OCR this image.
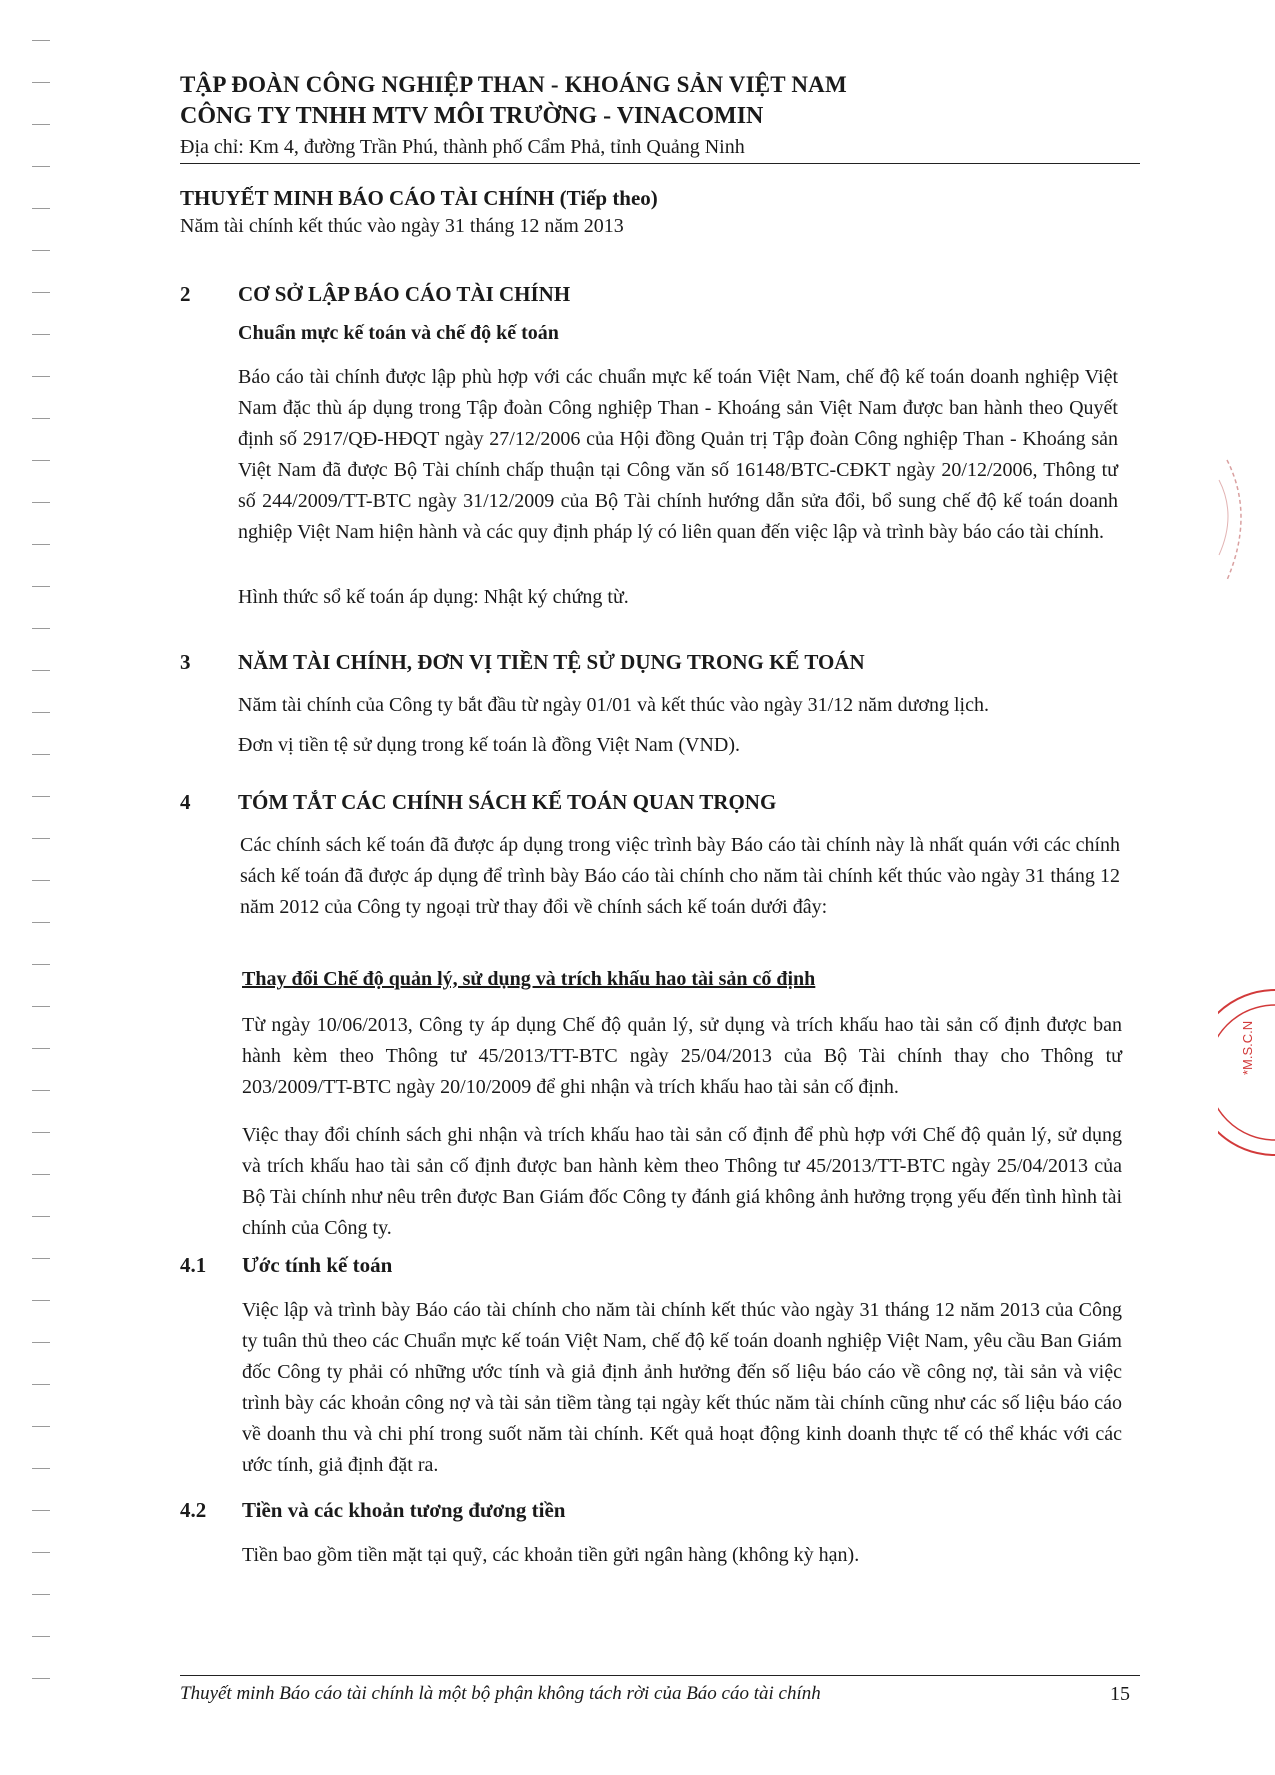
TẬP ĐOÀN CÔNG NGHIỆP THAN - KHOÁNG SẢN VIỆT NAM
CÔNG TY TNHH MTV MÔI TRƯỜNG - VINACOMIN
Địa chỉ: Km 4, đường Trần Phú, thành phố Cẩm Phả, tỉnh Quảng Ninh
THUYẾT MINH BÁO CÁO TÀI CHÍNH (Tiếp theo)
Năm tài chính kết thúc vào ngày 31 tháng 12 năm 2013
2 CƠ SỞ LẬP BÁO CÁO TÀI CHÍNH
Chuẩn mực kế toán và chế độ kế toán

Báo cáo tài chính được lập phù hợp với các chuẩn mực kế toán Việt Nam, chế độ kế toán doanh nghiệp Việt Nam đặc thù áp dụng trong Tập đoàn Công nghiệp Than - Khoáng sản Việt Nam được ban hành theo Quyết định số 2917/QĐ-HĐQT ngày 27/12/2006 của Hội đồng Quản trị Tập đoàn Công nghiệp Than - Khoáng sản Việt Nam đã được Bộ Tài chính chấp thuận tại Công văn số 16148/BTC-CĐKT ngày 20/12/2006, Thông tư số 244/2009/TT-BTC ngày 31/12/2009 của Bộ Tài chính hướng dẫn sửa đổi, bổ sung chế độ kế toán doanh nghiệp Việt Nam hiện hành và các quy định pháp lý có liên quan đến việc lập và trình bày báo cáo tài chính.

Hình thức sổ kế toán áp dụng: Nhật ký chứng từ.

3 NĂM TÀI CHÍNH, ĐƠN VỊ TIỀN TỆ SỬ DỤNG TRONG KẾ TOÁN

Năm tài chính của Công ty bắt đầu từ ngày 01/01 và kết thúc vào ngày 31/12 năm dương lịch.

Đơn vị tiền tệ sử dụng trong kế toán là đồng Việt Nam (VND).

4 TÓM TẮT CÁC CHÍNH SÁCH KẾ TOÁN QUAN TRỌNG

Các chính sách kế toán đã được áp dụng trong việc trình bày Báo cáo tài chính này là nhất quán với các chính sách kế toán đã được áp dụng để trình bày Báo cáo tài chính cho năm tài chính kết thúc vào ngày 31 tháng 12 năm 2012 của Công ty ngoại trừ thay đổi về chính sách kế toán dưới đây:

Thay đổi Chế độ quản lý, sử dụng và trích khấu hao tài sản cố định

Từ ngày 10/06/2013, Công ty áp dụng Chế độ quản lý, sử dụng và trích khấu hao tài sản cố định được ban hành kèm theo Thông tư 45/2013/TT-BTC ngày 25/04/2013 của Bộ Tài chính thay cho Thông tư 203/2009/TT-BTC ngày 20/10/2009 để ghi nhận và trích khấu hao tài sản cố định.

Việc thay đổi chính sách ghi nhận và trích khấu hao tài sản cố định để phù hợp với Chế độ quản lý, sử dụng và trích khấu hao tài sản cố định được ban hành kèm theo Thông tư 45/2013/TT-BTC ngày 25/04/2013 của Bộ Tài chính như nêu trên được Ban Giám đốc Công ty đánh giá không ảnh hưởng trọng yếu đến tình hình tài chính của Công ty.

4.1 Ước tính kế toán

Việc lập và trình bày Báo cáo tài chính cho năm tài chính kết thúc vào ngày 31 tháng 12 năm 2013 của Công ty tuân thủ theo các Chuẩn mực kế toán Việt Nam, chế độ kế toán doanh nghiệp Việt Nam, yêu cầu Ban Giám đốc Công ty phải có những ước tính và giả định ảnh hưởng đến số liệu báo cáo về công nợ, tài sản và việc trình bày các khoản công nợ và tài sản tiềm tàng tại ngày kết thúc năm tài chính cũng như các số liệu báo cáo về doanh thu và chi phí trong suốt năm tài chính. Kết quả hoạt động kinh doanh thực tế có thể khác với các ước tính, giả định đặt ra.

4.2 Tiền và các khoản tương đương tiền

Tiền bao gồm tiền mặt tại quỹ, các khoản tiền gửi ngân hàng (không kỳ hạn).

Thuyết minh Báo cáo tài chính là một bộ phận không tách rời của Báo cáo tài chính	15
*M.S.C.N
